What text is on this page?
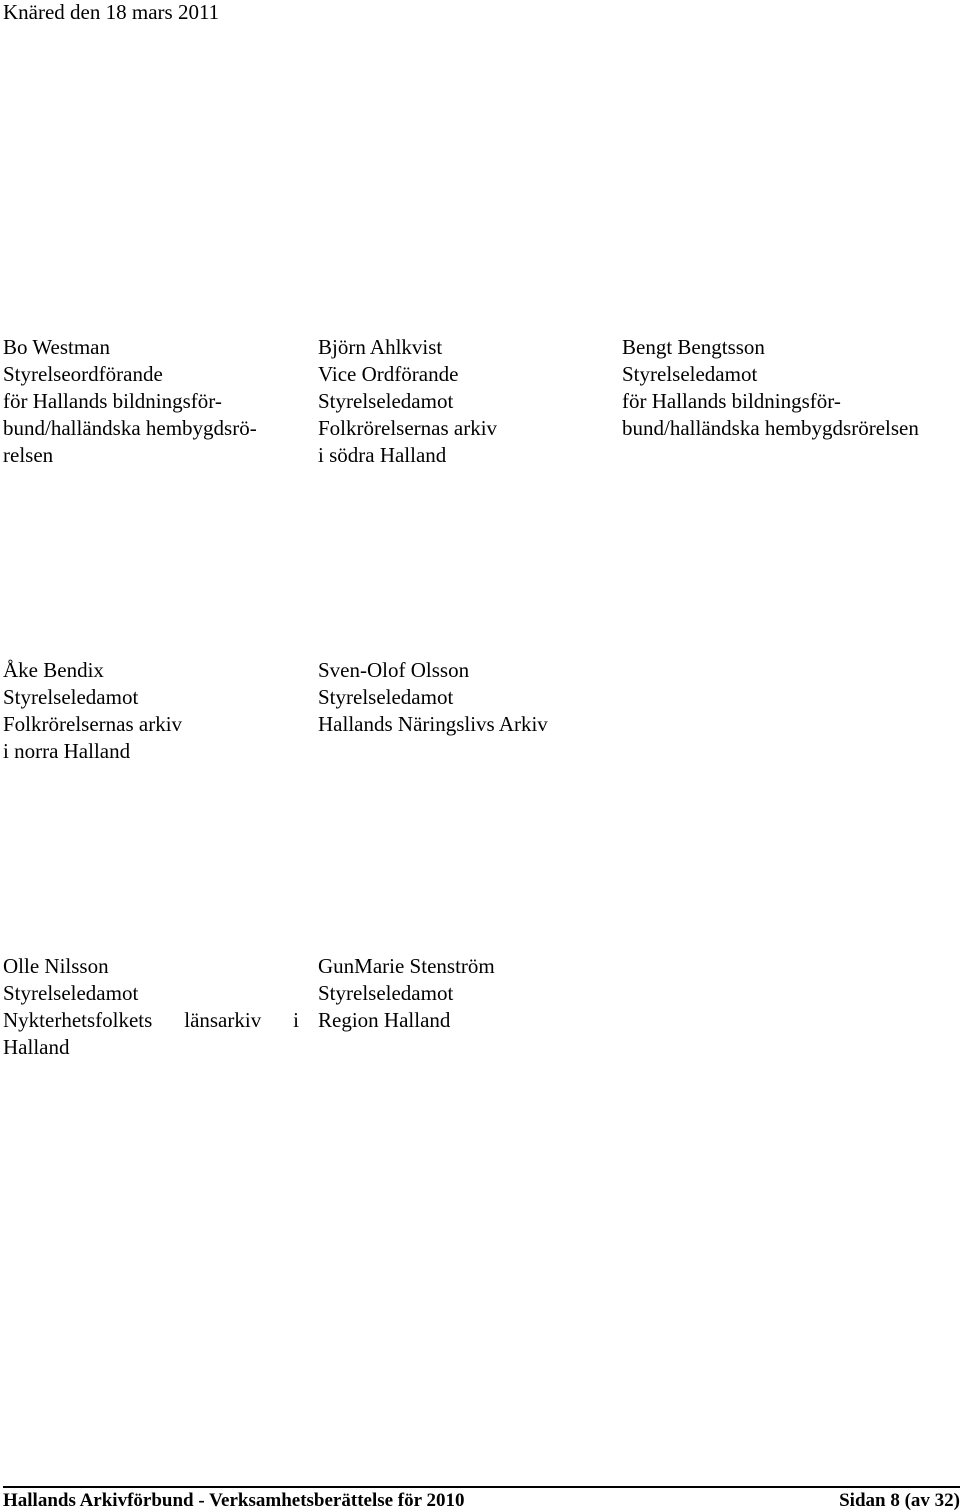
Knäred den 18 mars 2011
Bo Westman
Styrelseordförande
för Hallands bildningsför-
bund/halländska hembygdsrö-
relsen
Björn Ahlkvist
Vice Ordförande
Styrelseledamot
Folkrörelsernas arkiv
i södra Halland
Bengt Bengtsson
Styrelseledamot
för Hallands bildningsför-
bund/halländska hembygdsrörelsen
Åke Bendix
Styrelseledamot
Folkrörelsernas arkiv
i norra Halland
Sven-Olof Olsson
Styrelseledamot
Hallands Näringslivs Arkiv
Olle Nilsson
Styrelseledamot
Nykterhetsfolkets länsarkiv i
Halland
GunMarie Stenström
Styrelseledamot
Region Halland
Hallands Arkivförbund - Verksamhetsberättelse för 2010	Sidan 8 (av 32)
